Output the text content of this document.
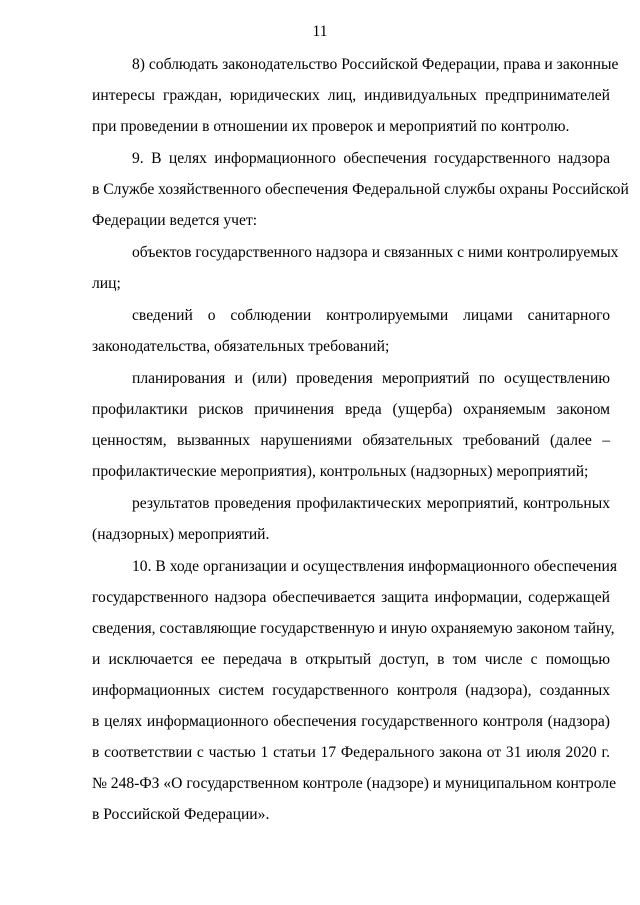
11
8) соблюдать законодательство Российской Федерации, права и законные
интересы граждан, юридических лиц, индивидуальных предпринимателей
при проведении в отношении их проверок и мероприятий по контролю.
9. В целях информационного обеспечения государственного надзора
в Службе хозяйственного обеспечения Федеральной службы охраны Российской
Федерации ведется учет:
объектов государственного надзора и связанных с ними контролируемых
лиц;
сведений о соблюдении контролируемыми лицами санитарного
законодательства, обязательных требований;
планирования и (или) проведения мероприятий по осуществлению
профилактики рисков причинения вреда (ущерба) охраняемым законом
ценностям, вызванных нарушениями обязательных требований (далее –
профилактические мероприятия), контрольных (надзорных) мероприятий;
результатов проведения профилактических мероприятий, контрольных
(надзорных) мероприятий.
10. В ходе организации и осуществления информационного обеспечения
государственного надзора обеспечивается защита информации, содержащей
сведения, составляющие государственную и иную охраняемую законом тайну,
и исключается ее передача в открытый доступ, в том числе с помощью
информационных систем государственного контроля (надзора), созданных
в целях информационного обеспечения государственного контроля (надзора)
в соответствии с частью 1 статьи 17 Федерального закона от 31 июля 2020 г.
№ 248-ФЗ «О государственном контроле (надзоре) и муниципальном контроле
в Российской Федерации».
